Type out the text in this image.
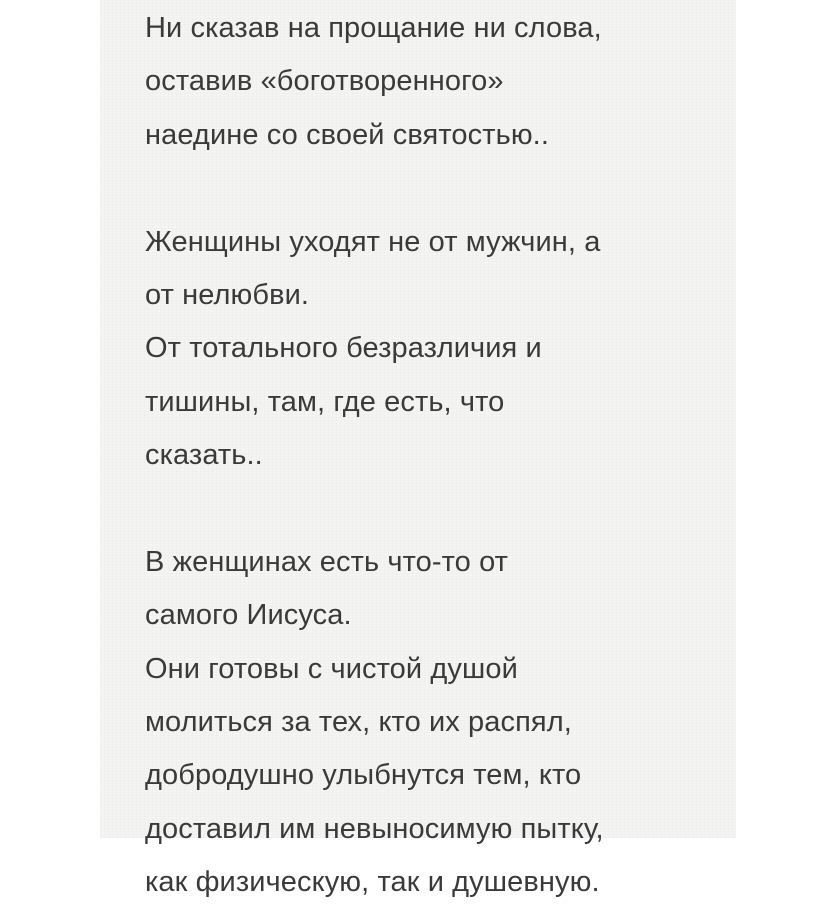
Ни сказав на прощание ни слова,
оставив «боготворенного»
наедине со своей святостью..
Женщины уходят не от мужчин, а
от нелюбви.
От тотального безразличия и
тишины, там, где есть, что
сказать..
В женщинах есть что-то от
самого Иисуса.
Они готовы с чистой душой
молиться за тех, кто их распял,
добродушно улыбнутся тем, кто
доставил им невыносимую пытку,
как физическую, так и душевную.
